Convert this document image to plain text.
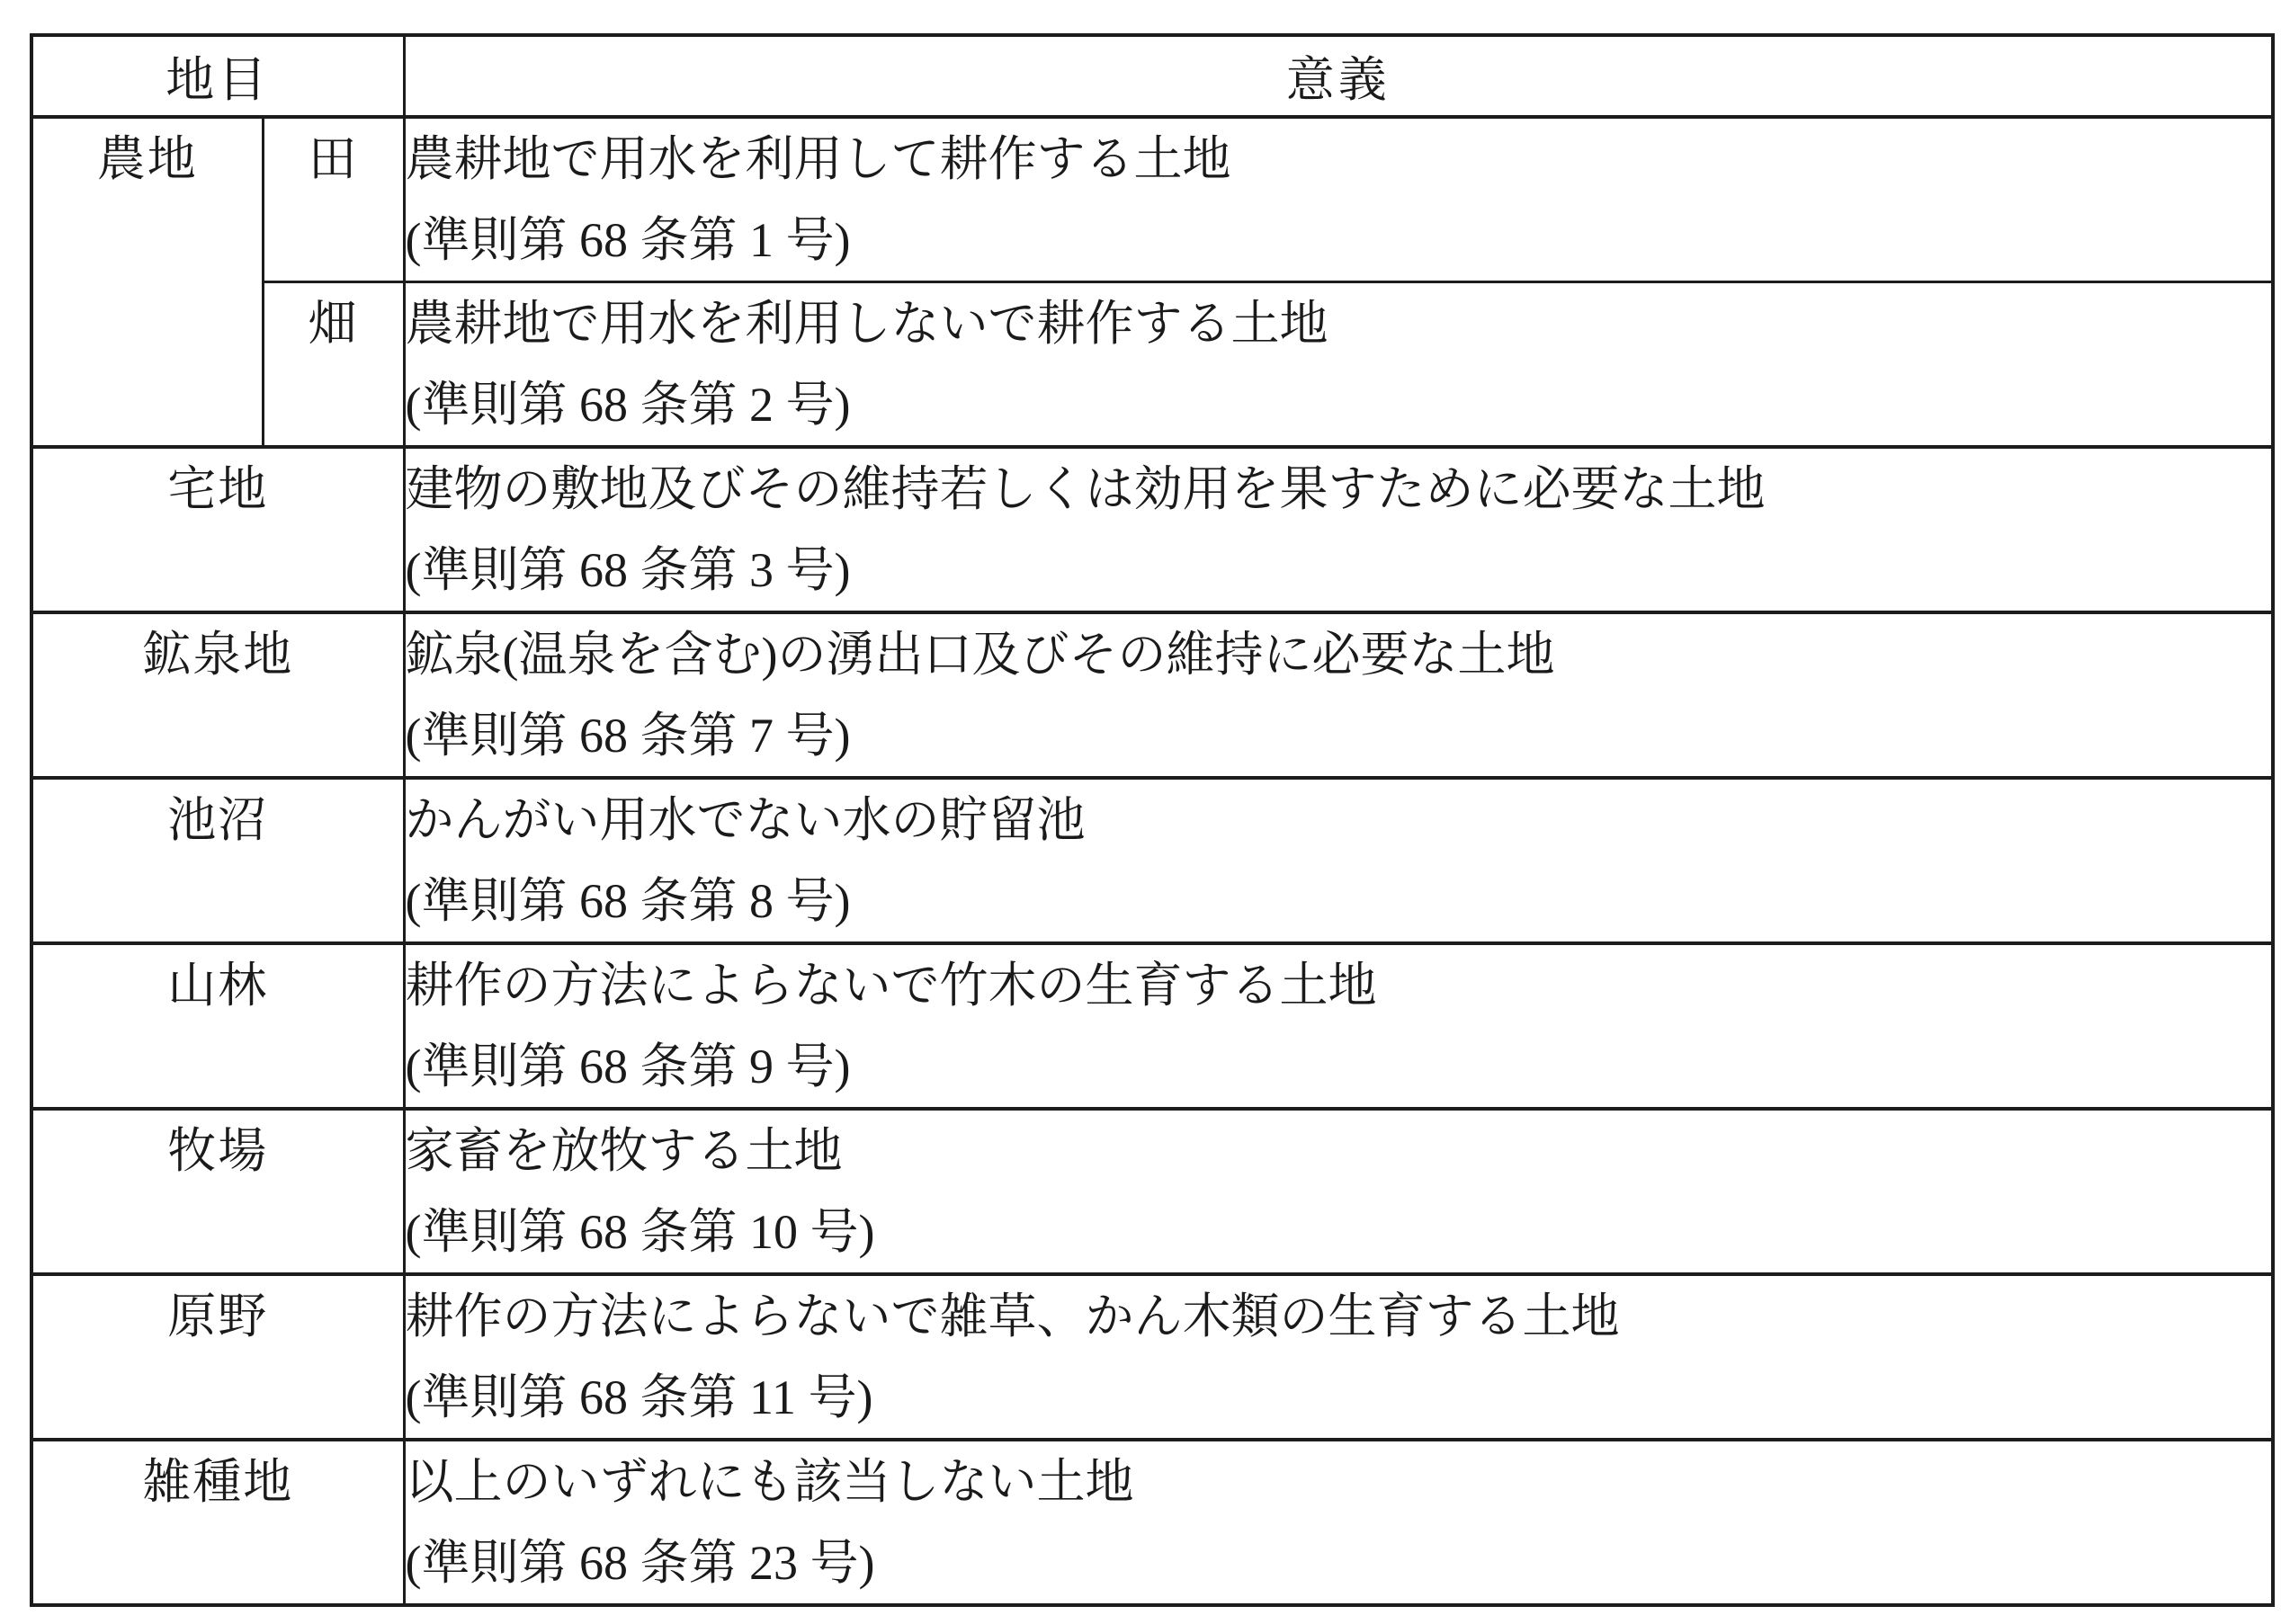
地目		意義
農地	田	農耕地で用水を利用して耕作する土地
(準則第 68 条第 1 号)

	畑	農耕地で用水を利用しないで耕作する土地
(準則第 68 条第 2 号)

宅地		建物の敷地及びその維持若しくは効用を果すために必要な土地
(準則第 68 条第 3 号)

鉱泉地		鉱泉(温泉を含む)の湧出口及びその維持に必要な土地
(準則第 68 条第 7 号)

池沼		かんがい用水でない水の貯留池
(準則第 68 条第 8 号)

山林		耕作の方法によらないで竹木の生育する土地
(準則第 68 条第 9 号)

牧場		家畜を放牧する土地
(準則第 68 条第 10 号)

原野		耕作の方法によらないで雑草、かん木類の生育する土地
(準則第 68 条第 11 号)

雑種地		以上のいずれにも該当しない土地
(準則第 68 条第 23 号)
